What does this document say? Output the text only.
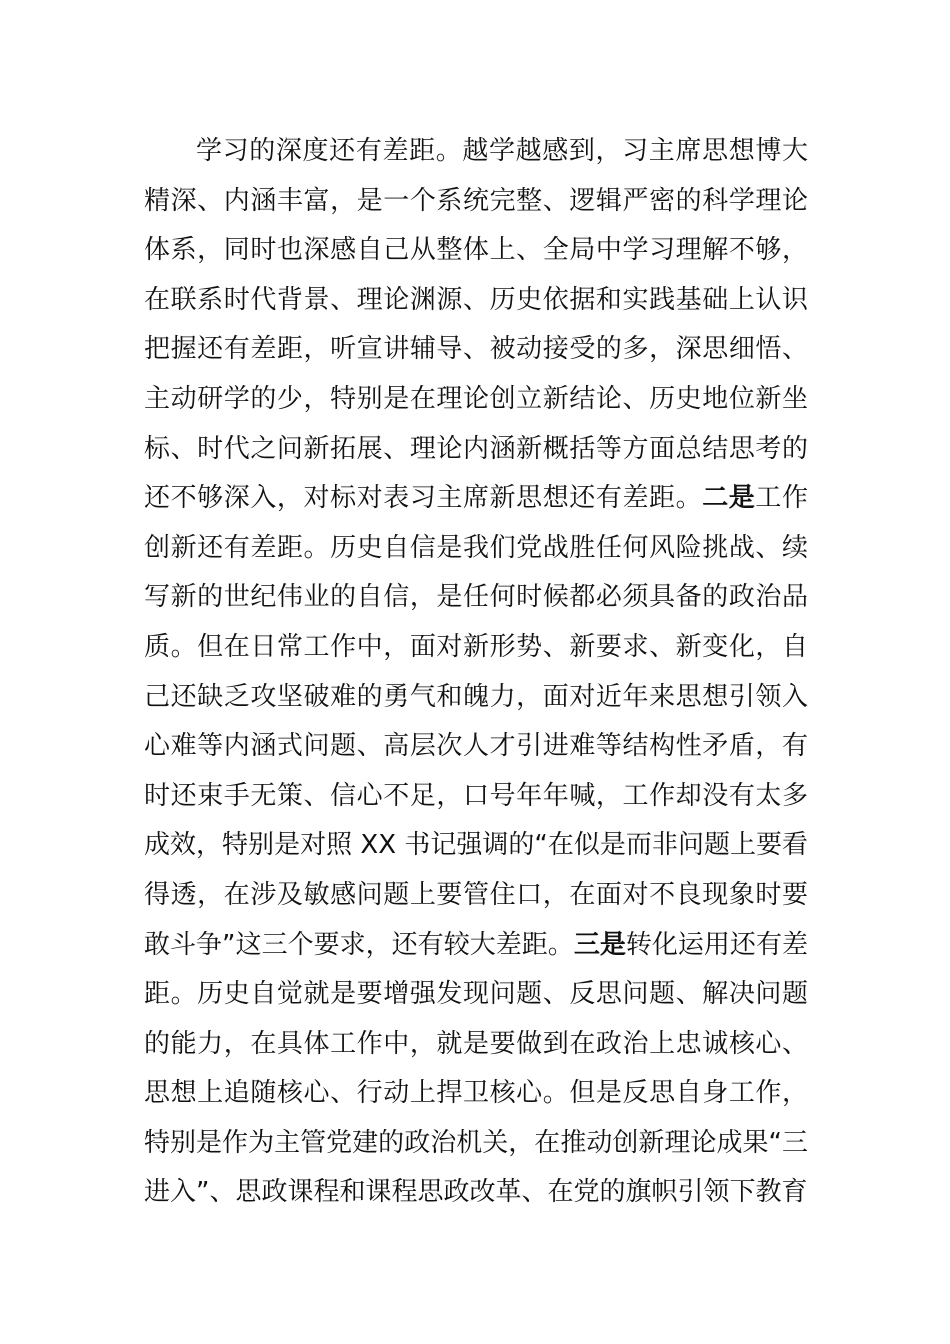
学习的深度还有差距。越学越感到，习主席思想博大精深、内涵丰富，是一个系统完整、逻辑严密的科学理论体系，同时也深感自己从整体上、全局中学习理解不够，在联系时代背景、理论渊源、历史依据和实践基础上认识把握还有差距，听宣讲辅导、被动接受的多，深思细悟、主动研学的少，特别是在理论创立新结论、历史地位新坐标、时代之问新拓展、理论内涵新概括等方面总结思考的还不够深入，对标对表习主席新思想还有差距。二是工作创新还有差距。历史自信是我们党战胜任何风险挑战、续写新的世纪伟业的自信，是任何时候都必须具备的政治品质。但在日常工作中，面对新形势、新要求、新变化，自己还缺乏攻坚破难的勇气和魄力，面对近年来思想引领入心难等内涵式问题、高层次人才引进难等结构性矛盾，有时还束手无策、信心不足，口号年年喊，工作却没有太多成效，特别是对照 XX 书记强调的“在似是而非问题上要看得透，在涉及敏感问题上要管住口，在面对不良现象时要敢斗争”这三个要求，还有较大差距。三是转化运用还有差距。历史自觉就是要增强发现问题、反思问题、解决问题的能力，在具体工作中，就是要做到在政治上忠诚核心、思想上追随核心、行动上捍卫核心。但是反思自身工作，特别是作为主管党建的政治机关，在推动创新理论成果“三进入”、思政课程和课程思政改革、在党的旗帜引领下教育
